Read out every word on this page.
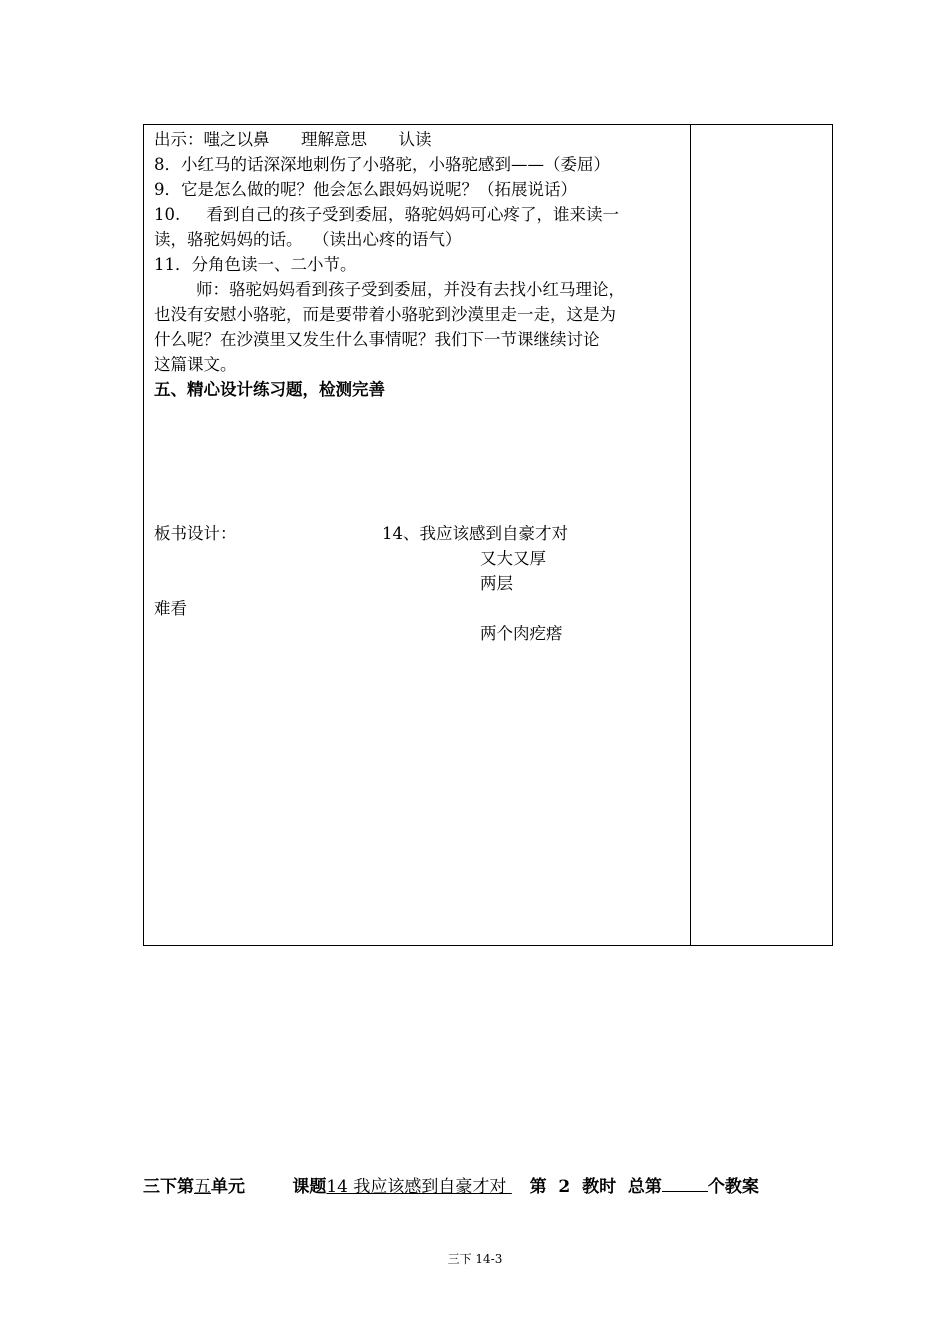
出示：嗤之以鼻      理解意思      认读
8．小红马的话深深地刺伤了小骆驼，小骆驼感到——（委屈）
9．它是怎么做的呢？他会怎么跟妈妈说呢？（拓展说话）
10.     看到自己的孩子受到委屈，骆驼妈妈可心疼了，谁来读一
读，骆驼妈妈的话。  （读出心疼的语气）
11．分角色读一、二小节。
师：骆驼妈妈看到孩子受到委屈，并没有去找小红马理论，
也没有安慰小骆驼，而是要带着小骆驼到沙漠里走一走，这是为
什么呢？在沙漠里又发生什么事情呢？我们下一节课继续讨论
这篇课文。
五、精心设计练习题，检测完善
板书设计：	14、我应该感到自豪才对
又大又厚
两层
难看
两个肉疙瘩
三下第五单元	课题14 我应该感到自豪才对    第  2  教时  总第	个教案
三下 14-3
